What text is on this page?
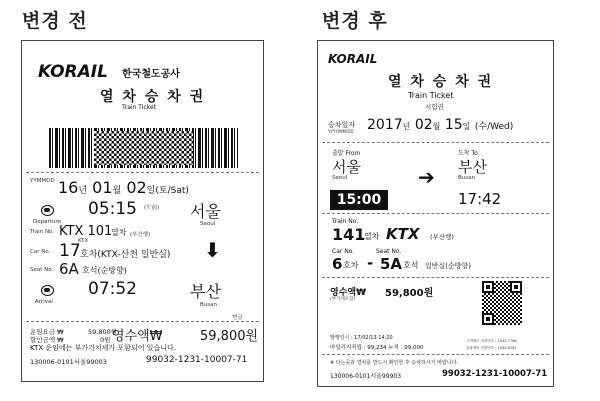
변경 전	변경 후
KORAIL 한국철도공사
열 차 승 차 권
Train Ticket
YYMMDD 16년 01월 02일(토/Sat)
Departure
05:15 (午前) 서울
Seoul
Train No. KTX 101
열차 (부산행)
KTX
Car No. 17 호차(KTX-산천 일반실) ⬇
Seat No. 6A 호석(순방향)
Arrival
07:52	부산
Busan
현금
운임요금 ₩
할인금액 ₩
59,800원
0원 영수액₩	59,800원
KTX 운임에는 부가가치세가 포함되어 있습니다.
130006-0101서울99003	99032-1231-10007-71
KORAIL
열 차 승 차 권
Train Ticket
시험권
승차일자
YYYY/MM/DD 2017년 02월 15일 (수/Wed)
출발 From
서울
Seoul	➔
도착 To
부산
Busan
15:00	17:42
Train No.
141
열차 KTX (부산행)
Car No.	Seat No.
6 호차 - 5A 호석 일반실(순방향)
영수액₩
(부가세포함)
59,800원
발행일시 : 17/02/13 14:20
마일리지적립 : 99,234 누적 : 99,000
고객센터 전화번호 : 1544-7788
관광센터 전화번호 : 1544-8787
※ 타는곳과 열차를 반드시 확인한 후 승차하시기 바랍니다.
130006-0101서울99903	99032-1231-10007-71
